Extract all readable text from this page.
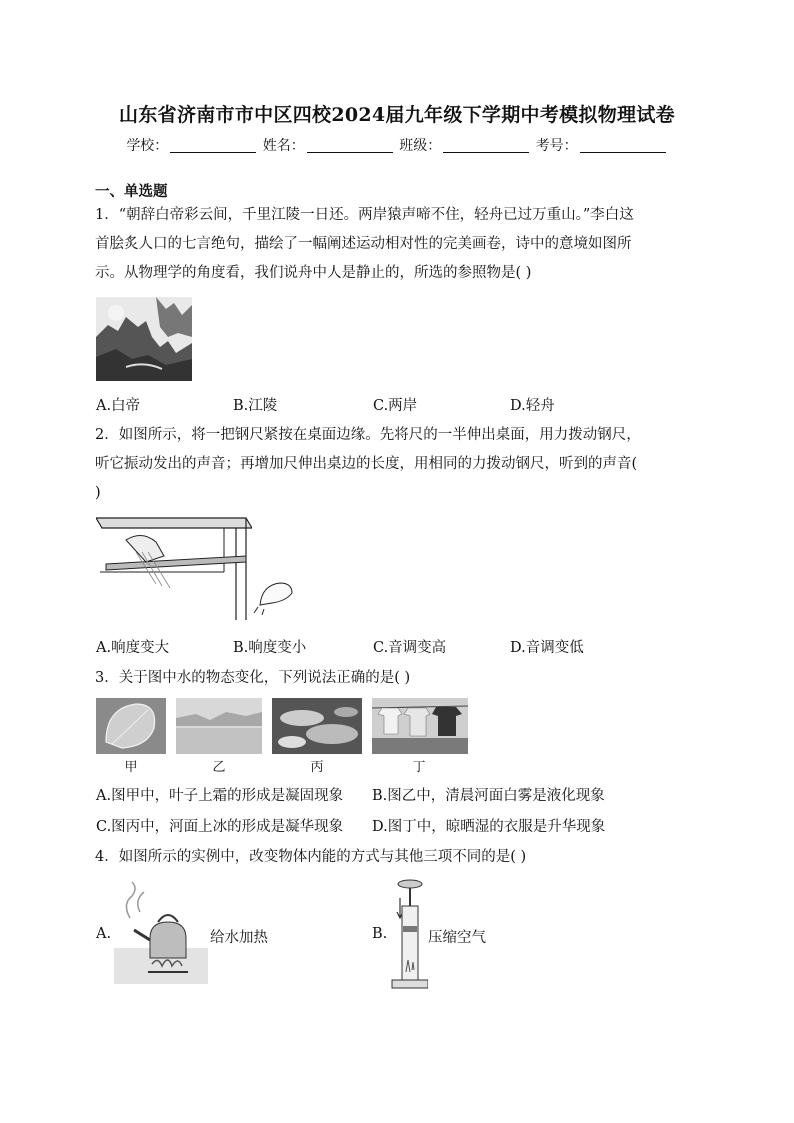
山东省济南市市中区四校2024届九年级下学期中考模拟物理试卷
学校：	姓名：	班级：	考号：
一、单选题
1．“朝辞白帝彩云间，千里江陵一日还。两岸猿声啼不住，轻舟已过万重山。”李白这
首脍炙人口的七言绝句，描绘了一幅阐述运动相对性的完美画卷，诗中的意境如图所
示。从物理学的角度看，我们说舟中人是静止的，所选的参照物是( )
A.白帝	B.江陵	C.两岸	D.轻舟
2．如图所示，将一把钢尺紧按在桌面边缘。先将尺的一半伸出桌面，用力拨动钢尺，
听它振动发出的声音；再增加尺伸出桌边的长度，用相同的力拨动钢尺，听到的声音(
)
A.响度变大	B.响度变小	C.音调变高	D.音调变低
3．关于图中水的物态变化，下列说法正确的是( )
甲	乙	丙	丁
A.图甲中，叶子上霜的形成是凝固现象 B.图乙中，清晨河面白雾是液化现象
C.图丙中，河面上冰的形成是凝华现象 D.图丁中，晾晒湿的衣服是升华现象
4．如图所示的实例中，改变物体内能的方式与其他三项不同的是( )
A.	给水加热	B.	压缩空气
